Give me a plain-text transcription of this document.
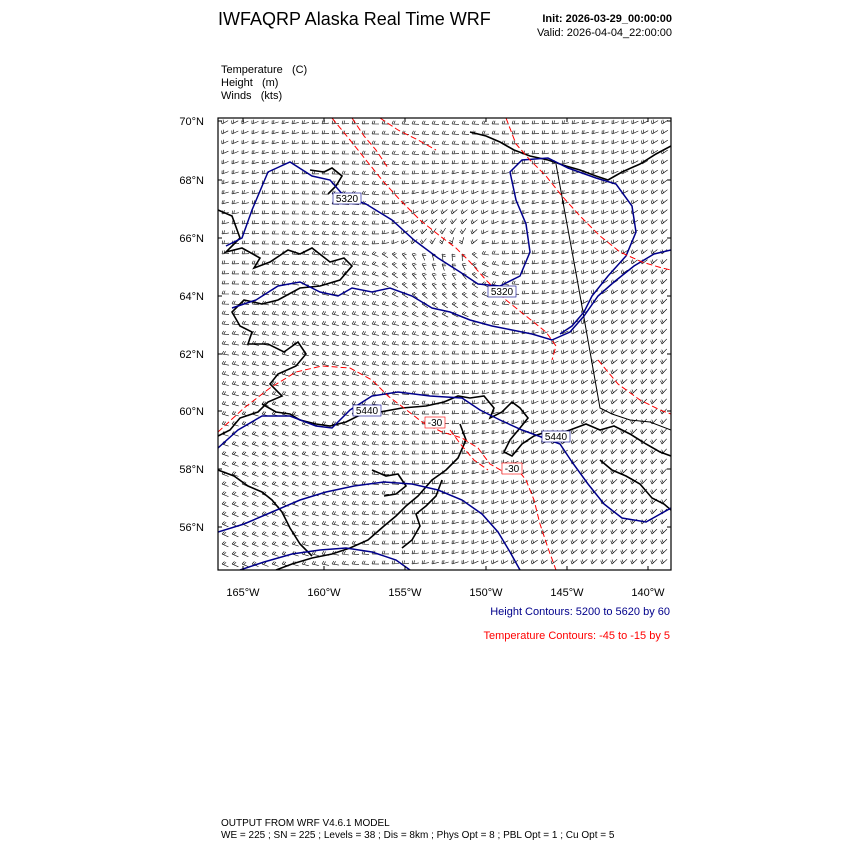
IWFAQRP Alaska Real Time WRF	Init: 2026-03-29_00:00:00
Valid: 2026-04-04_22:00:00
Temperature (C)
Height (m)
Winds (kts)
5320
5320
5440
5440
-30
-30
70°N
68°N
66°N
64°N
62°N
60°N
58°N
56°N
165°W	160°W	155°W	150°W	145°W	140°W
Height Contours: 5200 to 5620 by 60
Temperature Contours: -45 to -15 by 5
OUTPUT FROM WRF V4.6.1 MODEL
WE = 225 ; SN = 225 ; Levels = 38 ; Dis = 8km ; Phys Opt = 8 ; PBL Opt = 1 ; Cu Opt = 5
